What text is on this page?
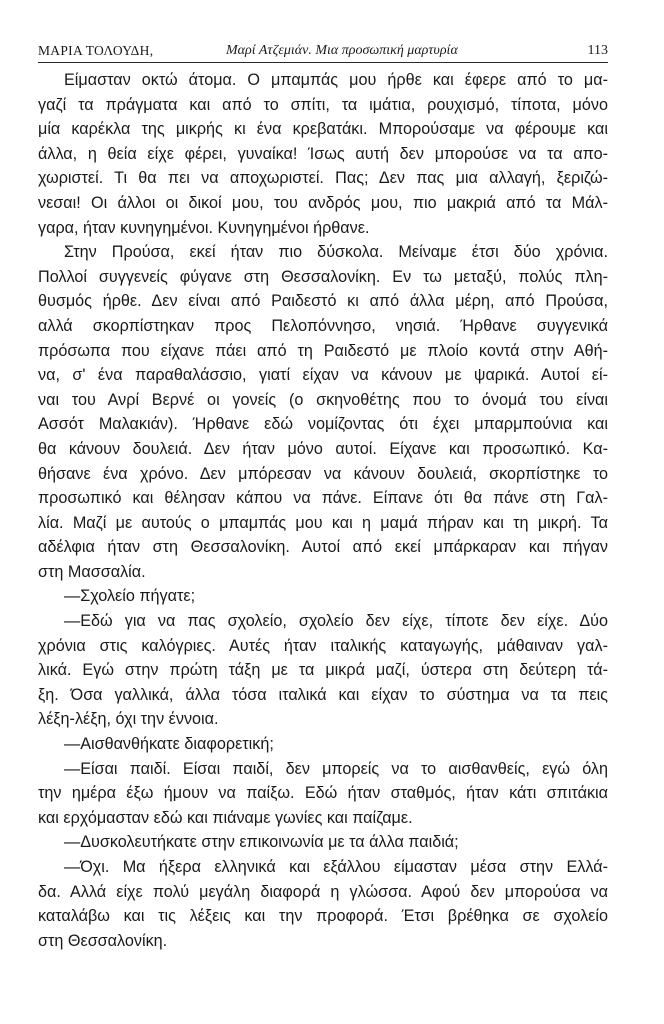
ΜΑΡΙΑ ΤΟΛΟΥΔΗ,	Μαρί Ατζεμιάν. Μια προσωπική μαρτυρία	113
Είμασταν οκτώ άτομα. Ο μπαμπάς μου ήρθε και έφερε από το μα-
γαζί τα πράγματα και από το σπίτι, τα ιμάτια, ρουχισμό, τίποτα, μόνο
μία καρέκλα της μικρής κι ένα κρεβατάκι. Μπορούσαμε να φέρουμε και
άλλα, η θεία είχε φέρει, γυναίκα! Ίσως αυτή δεν μπορούσε να τα απο-
χωριστεί. Τι θα πει να αποχωριστεί. Πας; Δεν πας μια αλλαγή, ξεριζώ-
νεσαι! Οι άλλοι οι δικοί μου, του ανδρός μου, πιο μακριά από τα Μάλ-
γαρα, ήταν κυνηγημένοι. Κυνηγημένοι ήρθανε.
Στην Προύσα, εκεί ήταν πιο δύσκολα. Μείναμε έτσι δύο χρόνια.
Πολλοί συγγενείς φύγανε στη Θεσσαλονίκη. Εν τω μεταξύ, πολύς πλη-
θυσμός ήρθε. Δεν είναι από Ραιδεστό κι από άλλα μέρη, από Προύσα,
αλλά σκορπίστηκαν προς Πελοπόννησο, νησιά. Ήρθανε συγγενικά
πρόσωπα που είχανε πάει από τη Ραιδεστό με πλοίο κοντά στην Αθή-
να, σ' ένα παραθαλάσσιο, γιατί είχαν να κάνουν με ψαρικά. Αυτοί εί-
ναι του Ανρί Βερνέ οι γονείς (ο σκηνοθέτης που το όνομά του είναι
Ασσότ Μαλακιάν). Ήρθανε εδώ νομίζοντας ότι έχει μπαρμπούνια και
θα κάνουν δουλειά. Δεν ήταν μόνο αυτοί. Είχανε και προσωπικό. Κα-
θήσανε ένα χρόνο. Δεν μπόρεσαν να κάνουν δουλειά, σκορπίστηκε το
προσωπικό και θέλησαν κάπου να πάνε. Είπανε ότι θα πάνε στη Γαλ-
λία. Μαζί με αυτούς ο μπαμπάς μου και η μαμά πήραν και τη μικρή. Τα
αδέλφια ήταν στη Θεσσαλονίκη. Αυτοί από εκεί μπάρκαραν και πήγαν
στη Μασσαλία.
—Σχολείο πήγατε;
—Εδώ για να πας σχολείο, σχολείο δεν είχε, τίποτε δεν είχε. Δύο
χρόνια στις καλόγριες. Αυτές ήταν ιταλικής καταγωγής, μάθαιναν γαλ-
λικά. Εγώ στην πρώτη τάξη με τα μικρά μαζί, ύστερα στη δεύτερη τά-
ξη. Όσα γαλλικά, άλλα τόσα ιταλικά και είχαν το σύστημα να τα πεις
λέξη-λέξη, όχι την έννοια.
—Αισθανθήκατε διαφορετική;
—Είσαι παιδί. Είσαι παιδί, δεν μπορείς να το αισθανθείς, εγώ όλη
την ημέρα έξω ήμουν να παίξω. Εδώ ήταν σταθμός, ήταν κάτι σπιτάκια
και ερχόμασταν εδώ και πιάναμε γωνίες και παίζαμε.
—Δυσκολευτήκατε στην επικοινωνία με τα άλλα παιδιά;
—Όχι. Μα ήξερα ελληνικά και εξάλλου είμασταν μέσα στην Ελλά-
δα. Αλλά είχε πολύ μεγάλη διαφορά η γλώσσα. Αφού δεν μπορούσα να
καταλάβω και τις λέξεις και την προφορά. Έτσι βρέθηκα σε σχολείο
στη Θεσσαλονίκη.
